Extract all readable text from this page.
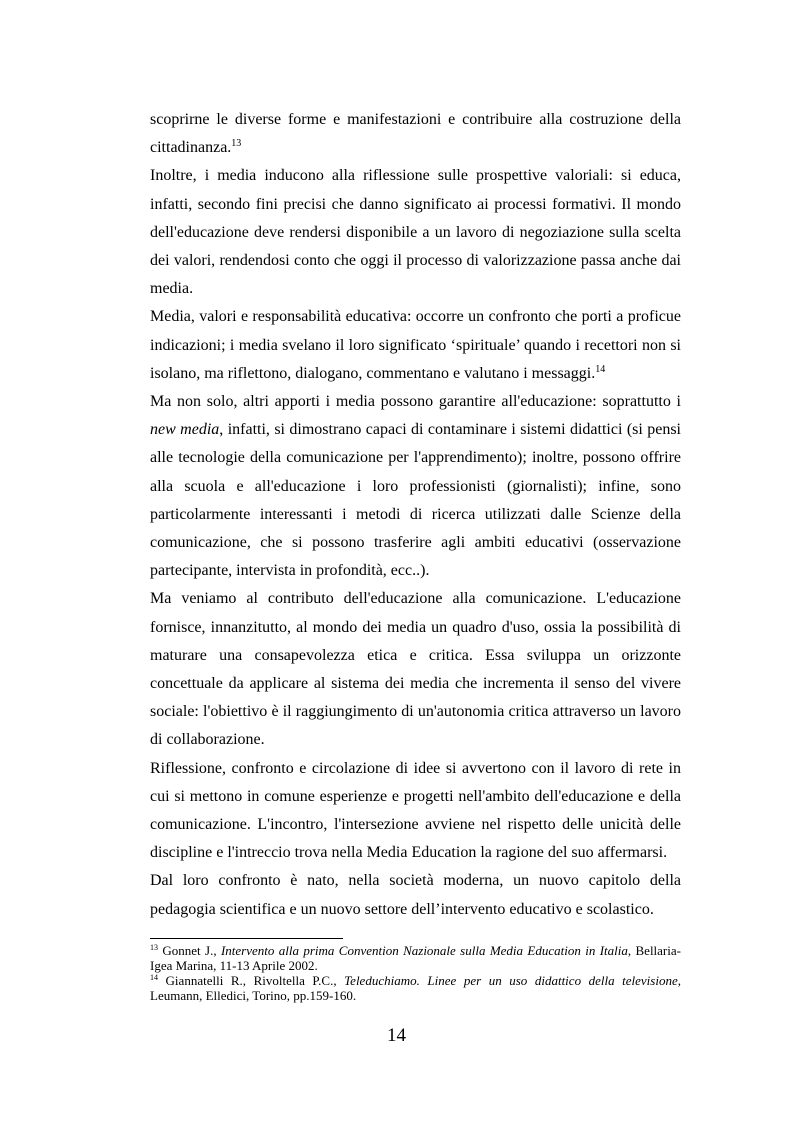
scoprirne le diverse forme e manifestazioni e contribuire alla costruzione della cittadinanza.$^{13}$

Inoltre, i media inducono alla riflessione sulle prospettive valoriali: si educa, infatti, secondo fini precisi che danno significato ai processi formativi. Il mondo dell'educazione deve rendersi disponibile a un lavoro di negoziazione sulla scelta dei valori, rendendosi conto che oggi il processo di valorizzazione passa anche dai media.

Media, valori e responsabilità educativa: occorre un confronto che porti a proficue indicazioni; i media svelano il loro significato ‘spirituale’ quando i recettori non si isolano, ma riflettono, dialogano, commentano e valutano i messaggi.$^{14}$

Ma non solo, altri apporti i media possono garantire all'educazione: soprattutto i new media, infatti, si dimostrano capaci di contaminare i sistemi didattici (si pensi alle tecnologie della comunicazione per l'apprendimento); inoltre, possono offrire alla scuola e all'educazione i loro professionisti (giornalisti); infine, sono particolarmente interessanti i metodi di ricerca utilizzati dalle Scienze della comunicazione, che si possono trasferire agli ambiti educativi (osservazione partecipante, intervista in profondità, ecc..).

Ma veniamo al contributo dell'educazione alla comunicazione. L'educazione fornisce, innanzitutto, al mondo dei media un quadro d'uso, ossia la possibilità di maturare una consapevolezza etica e critica. Essa sviluppa un orizzonte concettuale da applicare al sistema dei media che incrementa il senso del vivere sociale: l'obiettivo è il raggiungimento di un'autonomia critica attraverso un lavoro di collaborazione.

Riflessione, confronto e circolazione di idee si avvertono con il lavoro di rete in cui si mettono in comune esperienze e progetti nell'ambito dell'educazione e della comunicazione. L'incontro, l'intersezione avviene nel rispetto delle unicità delle discipline e l'intreccio trova nella Media Education la ragione del suo affermarsi.

Dal loro confronto è nato, nella società moderna, un nuovo capitolo della pedagogia scientifica e un nuovo settore dell’intervento educativo e scolastico.

$^{13}$ Gonnet J., Intervento alla prima Convention Nazionale sulla Media Education in Italia, Bellaria-Igea Marina, 11-13 Aprile 2002.

$^{14}$ Giannatelli R., Rivoltella P.C., Teleduchiamo. Linee per un uso didattico della televisione, Leumann, Elledici, Torino, pp.159-160.

14
